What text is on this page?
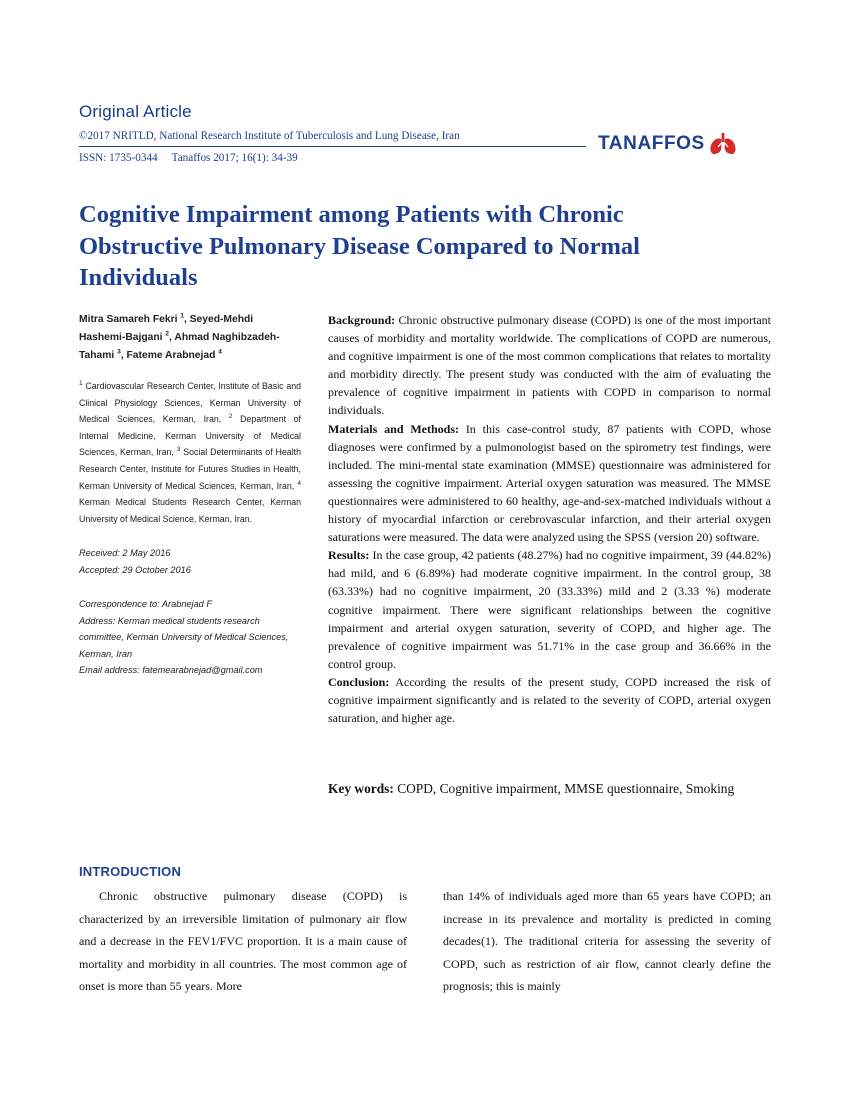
Original Article
©2017 NRITLD, National Research Institute of Tuberculosis and Lung Disease, Iran
ISSN: 1735-0344 Tanaffos 2017; 16(1): 34-39
TANAFFOS
Cognitive Impairment among Patients with Chronic Obstructive Pulmonary Disease Compared to Normal Individuals
Mitra Samareh Fekri $^1$, Seyed-Mehdi Hashemi-Bajgani $^2$, Ahmad Naghibzadeh-Tahami $^3$, Fateme Arabnejad $^4$
$^1$ Cardiovascular Research Center, Institute of Basic and Clinical Physiology Sciences, Kerman University of Medical Sciences, Kerman, Iran, $^2$ Department of Internal Medicine, Kerman University of Medical Sciences, Kerman, Iran, $^3$ Social Determinants of Health Research Center, Institute for Futures Studies in Health, Kerman University of Medical Sciences, Kerman, Iran, $^4$ Kerman Medical Students Research Center, Kerman University of Medical Science, Kerman, Iran.
Received: 2 May 2016
Accepted: 29 October 2016
Correspondence to: Arabnejad F
Address: Kerman medical students research committee, Kerman University of Medical Sciences, Kerman, Iran
Email address: fatemearabnejad@gmail.com

Background: Chronic obstructive pulmonary disease (COPD) is one of the most important causes of morbidity and mortality worldwide. The complications of COPD are numerous, and cognitive impairment is one of the most common complications that relates to mortality and morbidity directly. The present study was conducted with the aim of evaluating the prevalence of cognitive impairment in patients with COPD in comparison to normal individuals.

Materials and Methods: In this case-control study, 87 patients with COPD, whose diagnoses were confirmed by a pulmonologist based on the spirometry test findings, were included. The mini-mental state examination (MMSE) questionnaire was administered for assessing the cognitive impairment. Arterial oxygen saturation was measured. The MMSE questionnaires were administered to 60 healthy, age-and-sex-matched individuals without a history of myocardial infarction or cerebrovascular infarction, and their arterial oxygen saturations were measured. The data were analyzed using the SPSS (version 20) software.

Results: In the case group, 42 patients (48.27%) had no cognitive impairment, 39 (44.82%) had mild, and 6 (6.89%) had moderate cognitive impairment. In the control group, 38 (63.33%) had no cognitive impairment, 20 (33.33%) mild and 2 (3.33 %) moderate cognitive impairment. There were significant relationships between the cognitive impairment and arterial oxygen saturation, severity of COPD, and higher age. The prevalence of cognitive impairment was 51.71% in the case group and 36.66% in the control group.

Conclusion: According the results of the present study, COPD increased the risk of cognitive impairment significantly and is related to the severity of COPD, arterial oxygen saturation, and higher age.

Key words: COPD, Cognitive impairment, MMSE questionnaire, Smoking
INTRODUCTION
Chronic obstructive pulmonary disease (COPD) is characterized by an irreversible limitation of pulmonary air flow and a decrease in the FEV1/FVC proportion. It is a main cause of mortality and morbidity in all countries. The most common age of onset is more than 55 years. More
than 14% of individuals aged more than 65 years have COPD; an increase in its prevalence and mortality is predicted in coming decades(1). The traditional criteria for assessing the severity of COPD, such as restriction of air flow, cannot clearly define the prognosis; this is mainly
